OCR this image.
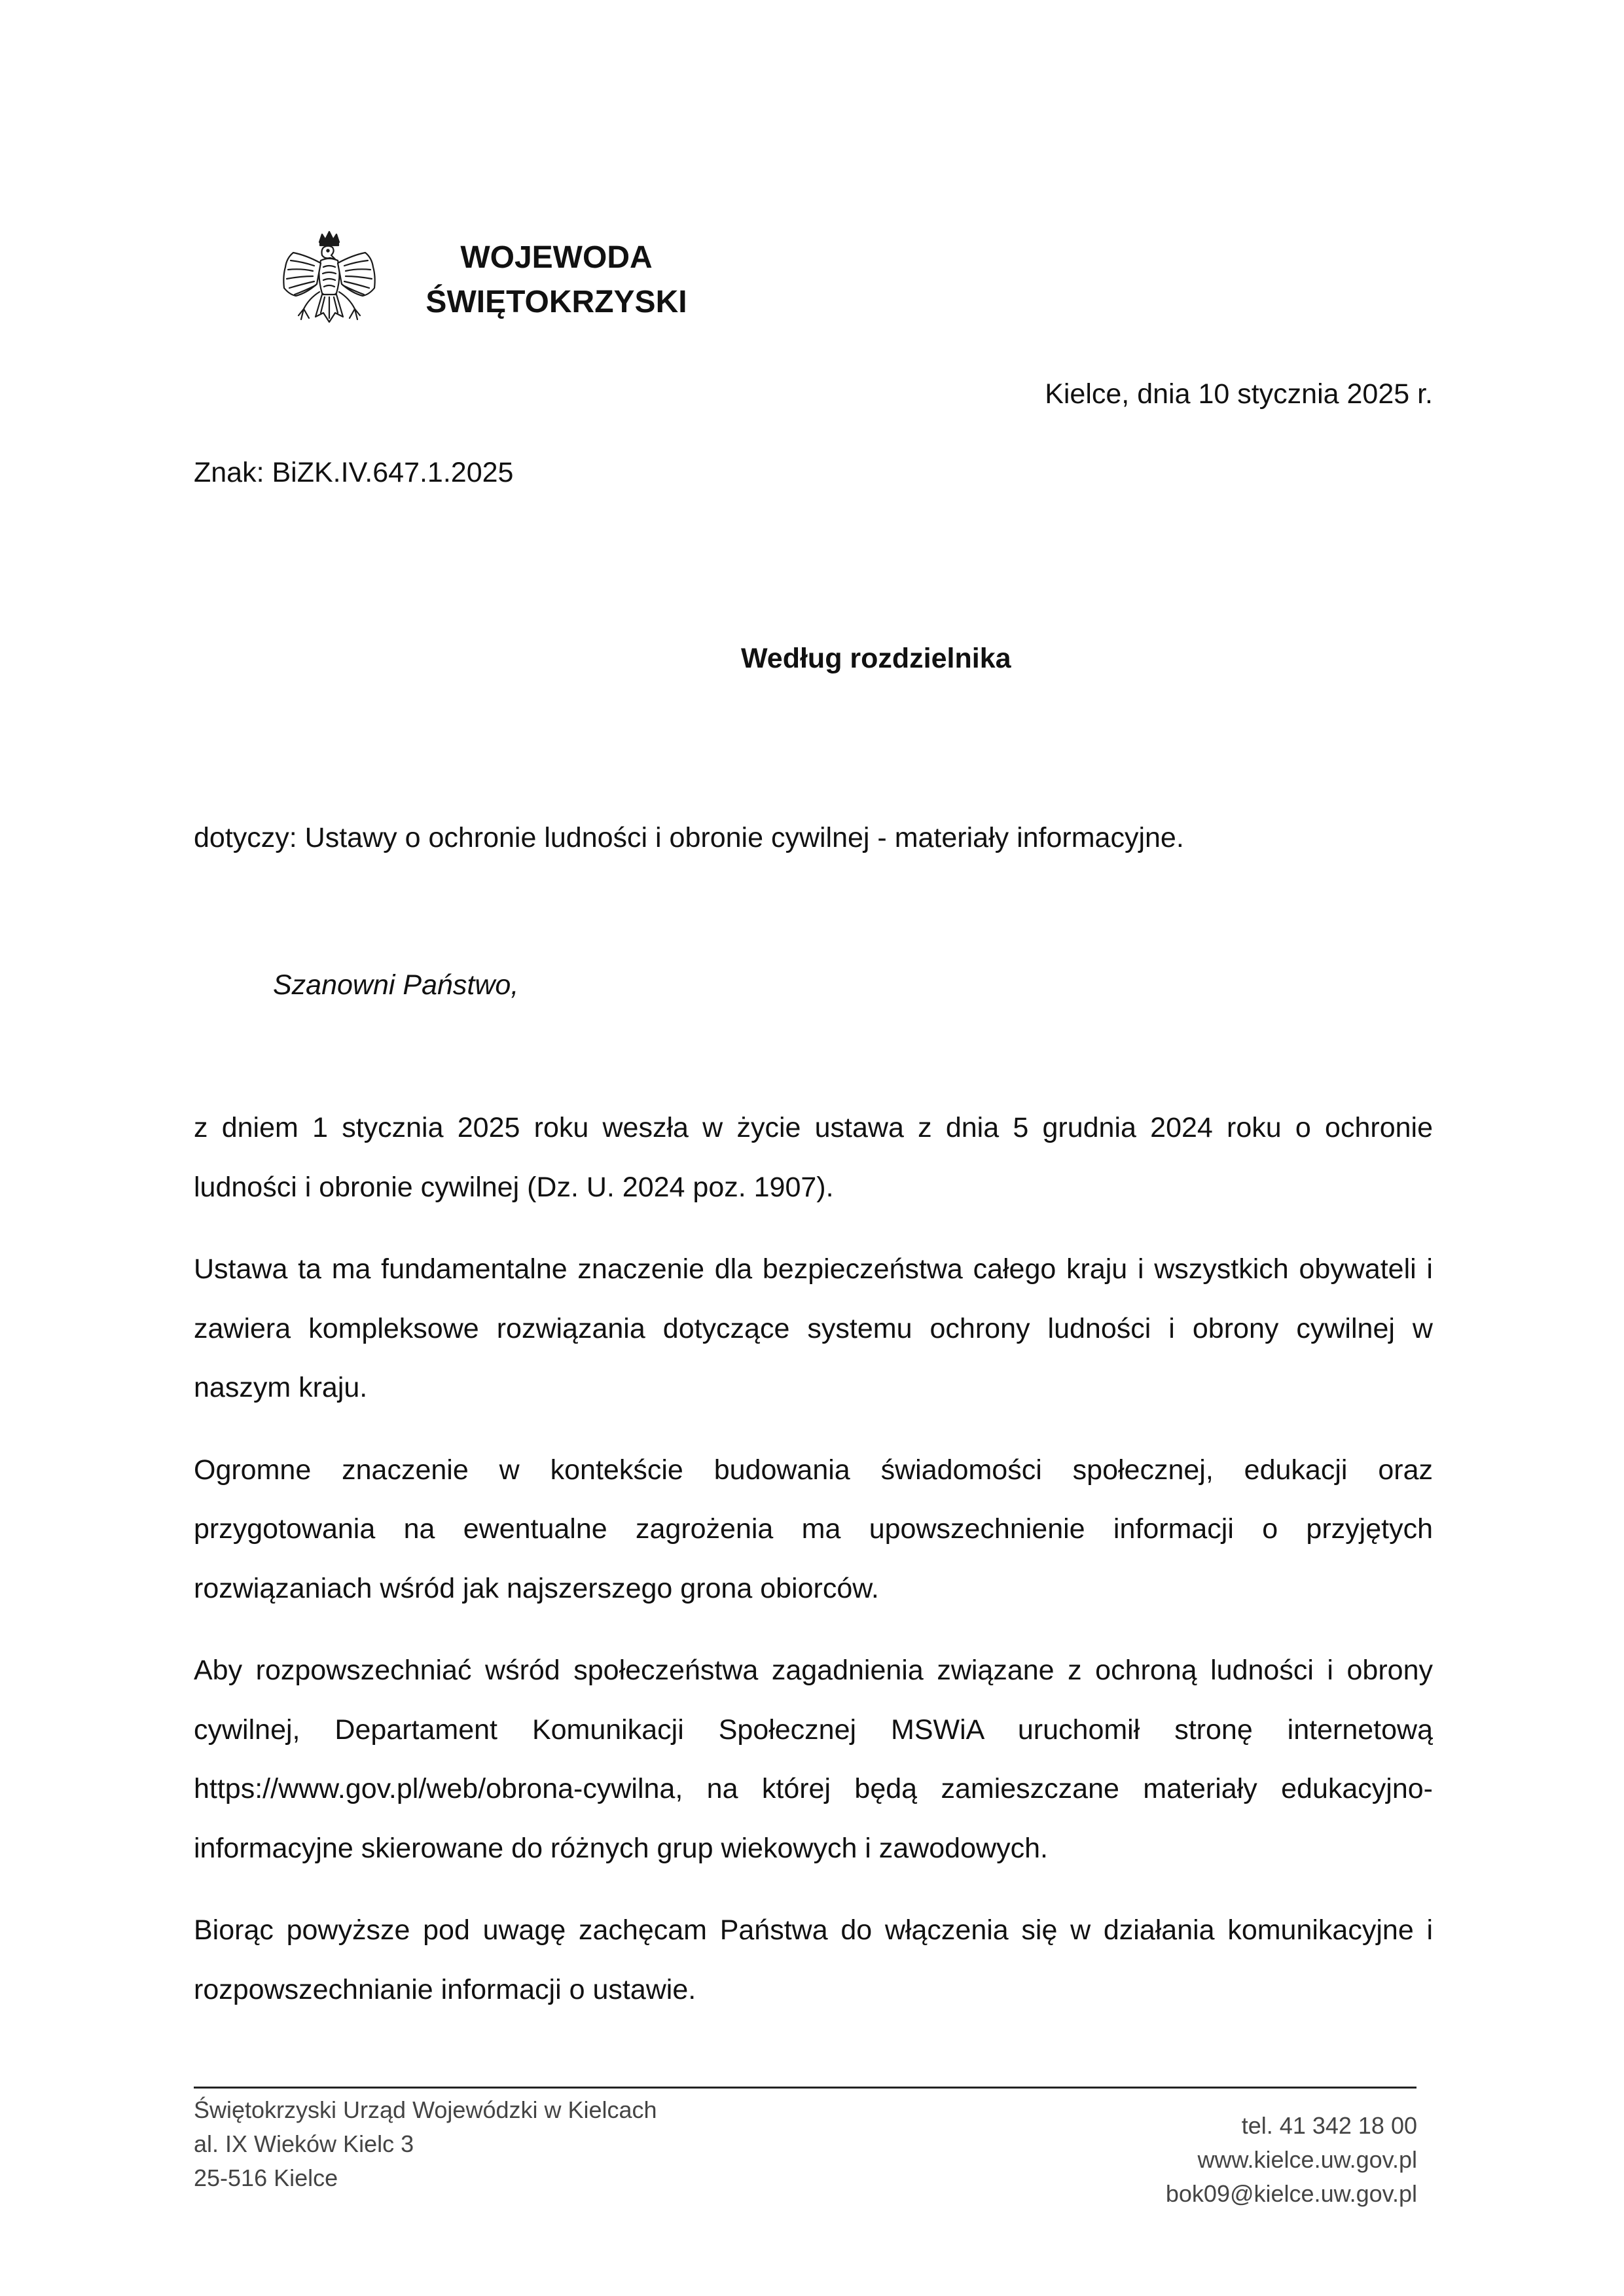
WOJEWODA
ŚWIĘTOKRZYSKI
Kielce, dnia 10 stycznia 2025 r.
Znak: BiZK.IV.647.1.2025
Według rozdzielnika
dotyczy: Ustawy o ochronie ludności i obronie cywilnej - materiały informacyjne.
Szanowni Państwo,

z dniem 1 stycznia 2025 roku weszła w życie ustawa z dnia 5 grudnia 2024 roku o ochronie ludności i obronie cywilnej (Dz. U. 2024 poz. 1907).

Ustawa ta ma fundamentalne znaczenie dla bezpieczeństwa całego kraju i wszystkich obywateli i zawiera kompleksowe rozwiązania dotyczące systemu ochrony ludności i obrony cywilnej w naszym kraju.

Ogromne znaczenie w kontekście budowania świadomości społecznej, edukacji oraz przygotowania na ewentualne zagrożenia ma upowszechnienie informacji o przyjętych rozwiązaniach wśród jak najszerszego grona obiorców.

Aby rozpowszechniać wśród społeczeństwa zagadnienia związane z ochroną ludności i obrony cywilnej, Departament Komunikacji Społecznej MSWiA uruchomił stronę internetową https://www.gov.pl/web/obrona-cywilna, na której będą zamieszczane materiały edukacyjno-informacyjne skierowane do różnych grup wiekowych i zawodowych.

Biorąc powyższe pod uwagę zachęcam Państwa do włączenia się w działania komunikacyjne i rozpowszechnianie informacji o ustawie.

Świętokrzyski Urząd Wojewódzki w Kielcach
al. IX Wieków Kielc 3
25-516 Kielce
tel. 41 342 18 00
www.kielce.uw.gov.pl
bok09@kielce.uw.gov.pl
